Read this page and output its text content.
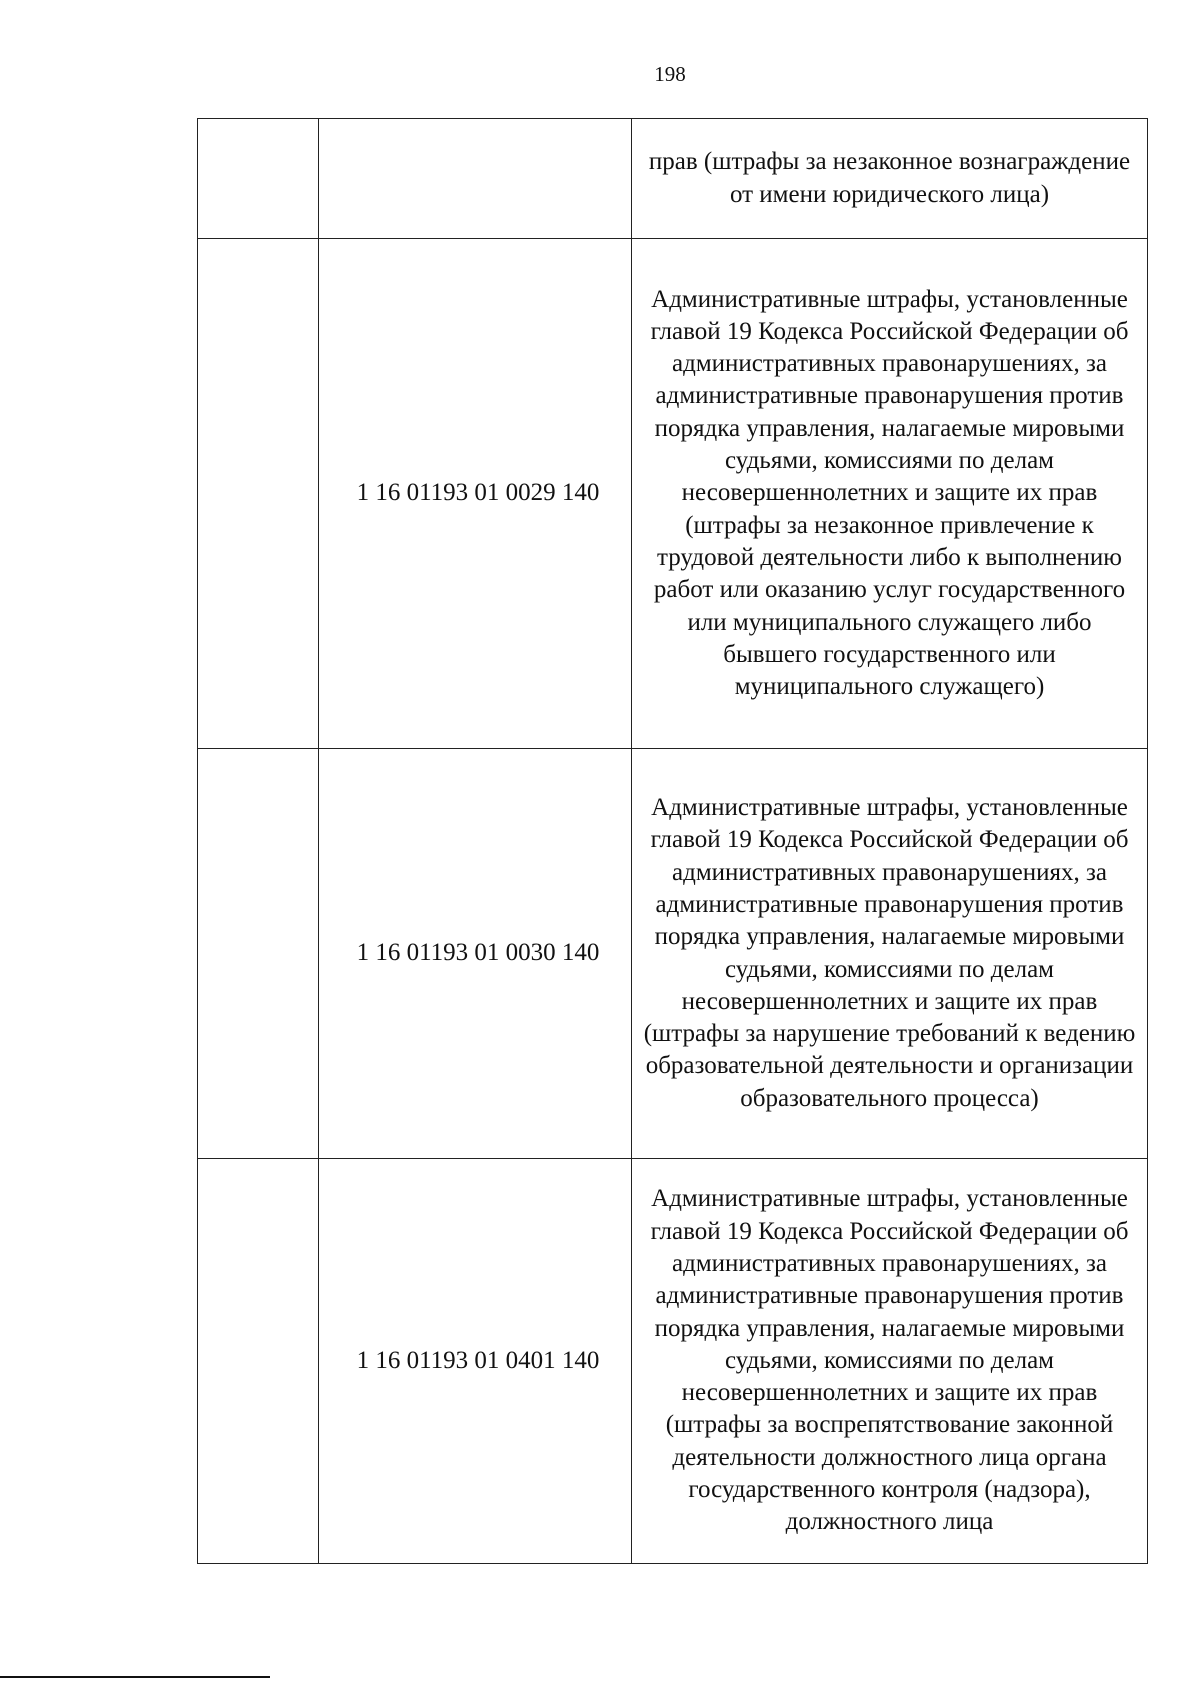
198
		прав (штрафы за незаконное вознаграждение от имени юридического лица)
	1 16 01193 01 0029 140	Административные штрафы, установленные главой 19 Кодекса Российской Федерации об административных правонарушениях, за административные правонарушения против порядка управления, налагаемые мировыми судьями, комиссиями по делам несовершеннолетних и защите их прав (штрафы за незаконное привлечение к трудовой деятельности либо к выполнению работ или оказанию услуг государственного или муниципального служащего либо бывшего государственного или муниципального служащего)
	1 16 01193 01 0030 140	Административные штрафы, установленные главой 19 Кодекса Российской Федерации об административных правонарушениях, за административные правонарушения против порядка управления, налагаемые мировыми судьями, комиссиями по делам несовершеннолетних и защите их прав (штрафы за нарушение требований к ведению образовательной деятельности и организации образовательного процесса)
	1 16 01193 01 0401 140	Административные штрафы, установленные главой 19 Кодекса Российской Федерации об административных правонарушениях, за административные правонарушения против порядка управления, налагаемые мировыми судьями, комиссиями по делам несовершеннолетних и защите их прав (штрафы за воспрепятствование законной деятельности должностного лица органа государственного контроля (надзора), должностного лица
